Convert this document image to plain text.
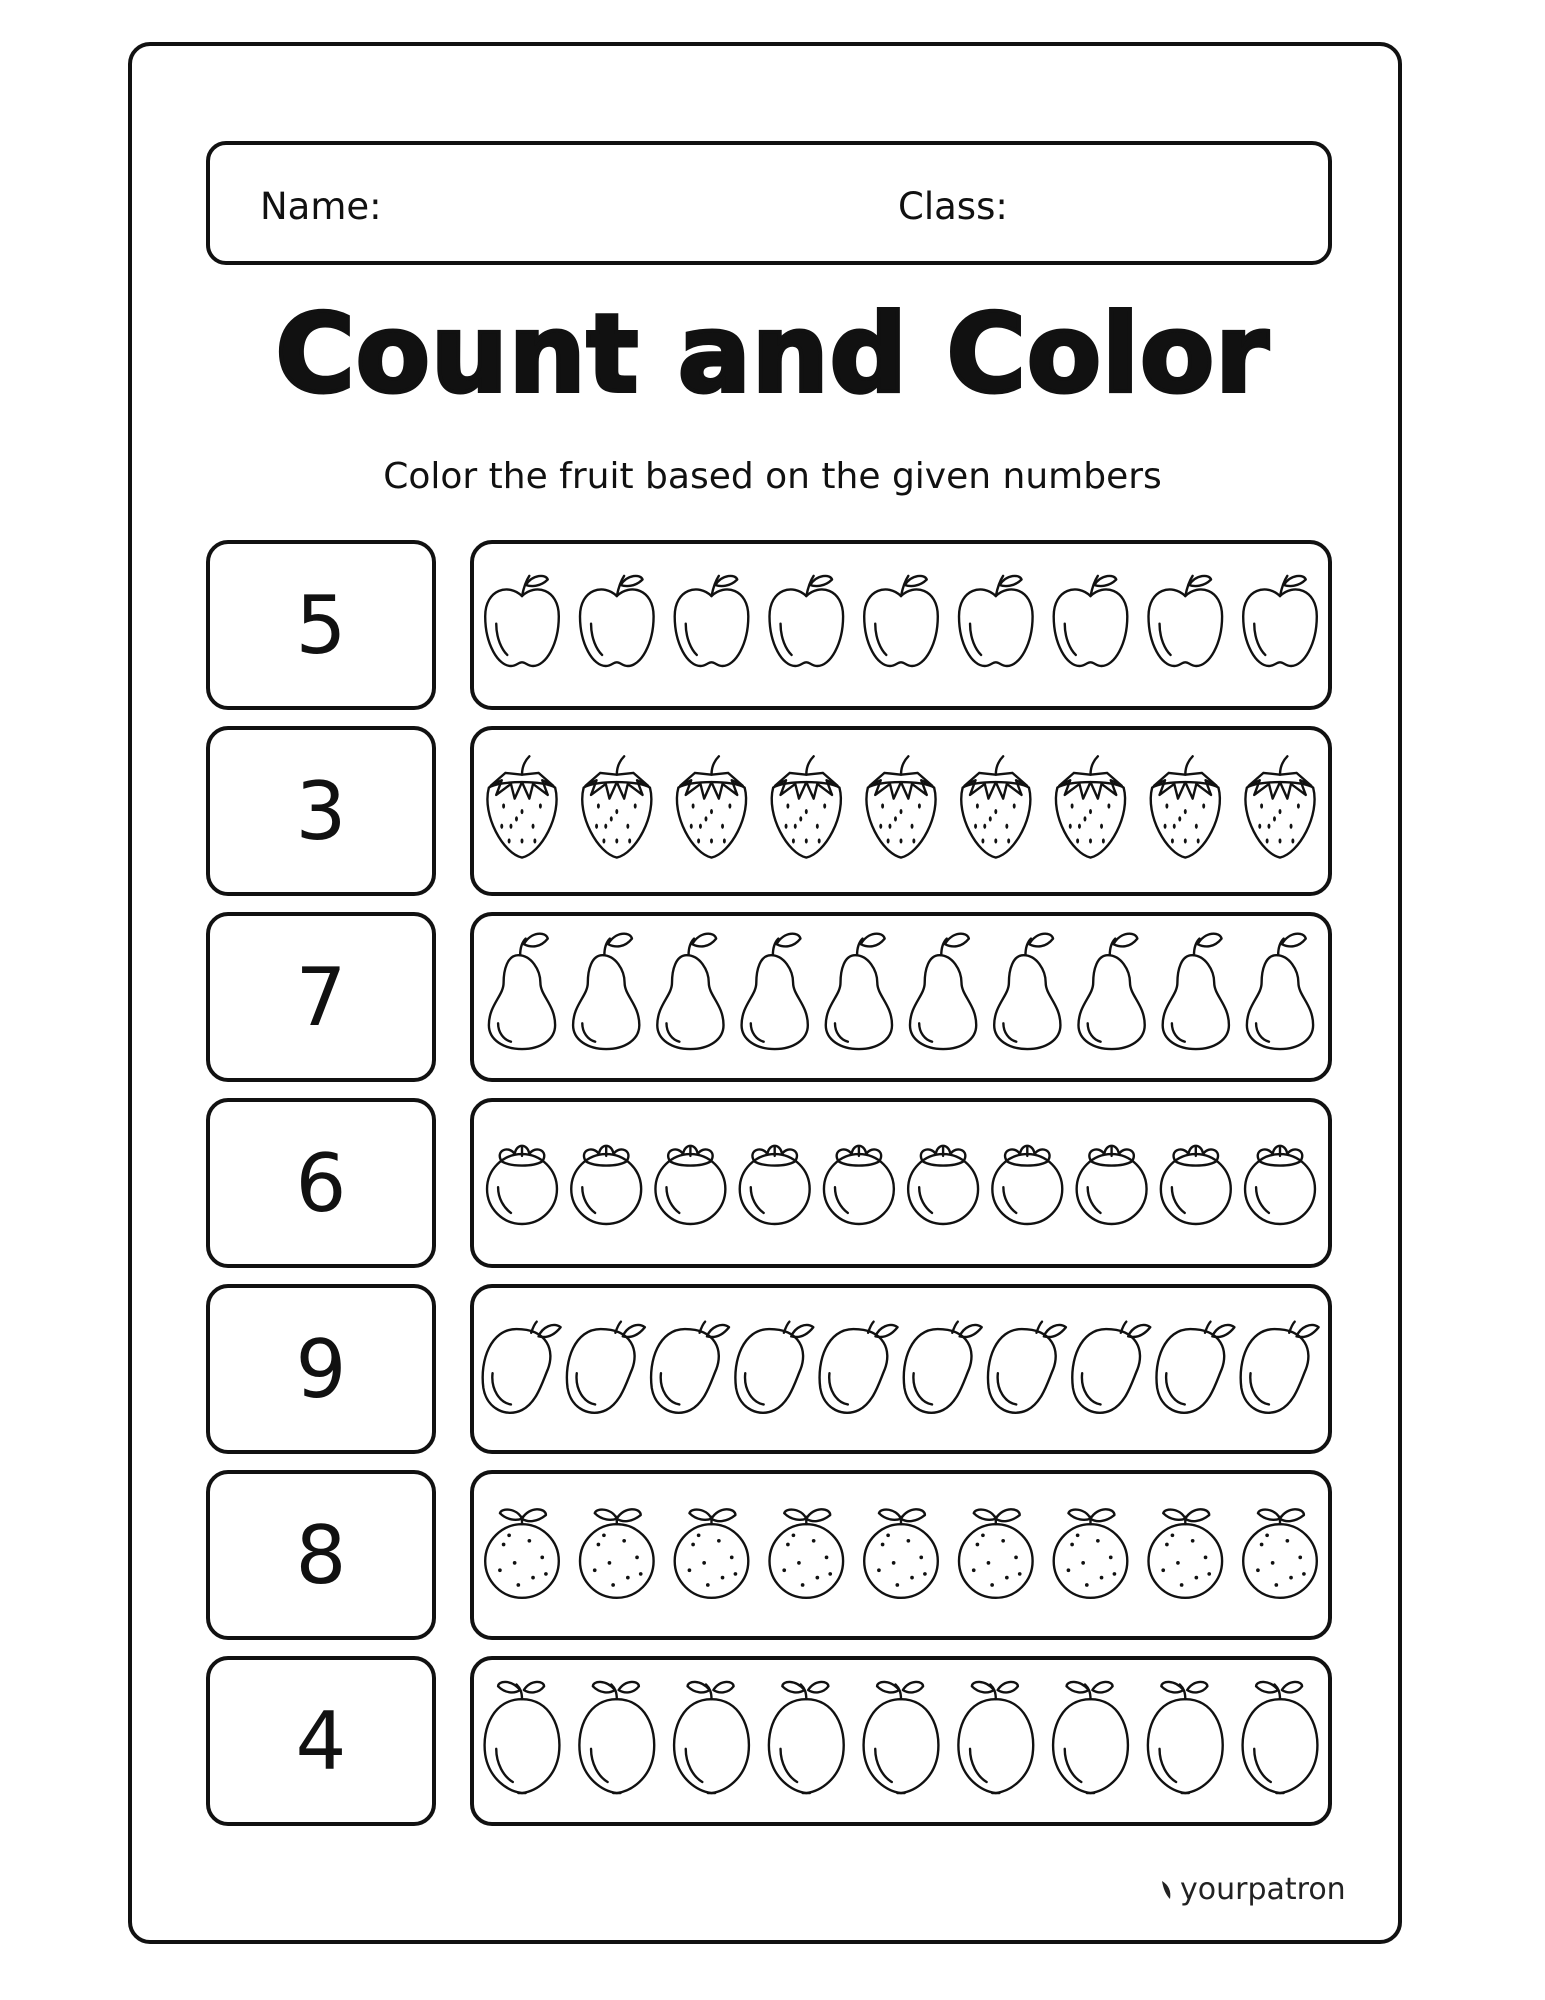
Name:	Class:
Count and Color
Color the fruit based on the given numbers
5
3
7
6
9
8
4
yourpatron
